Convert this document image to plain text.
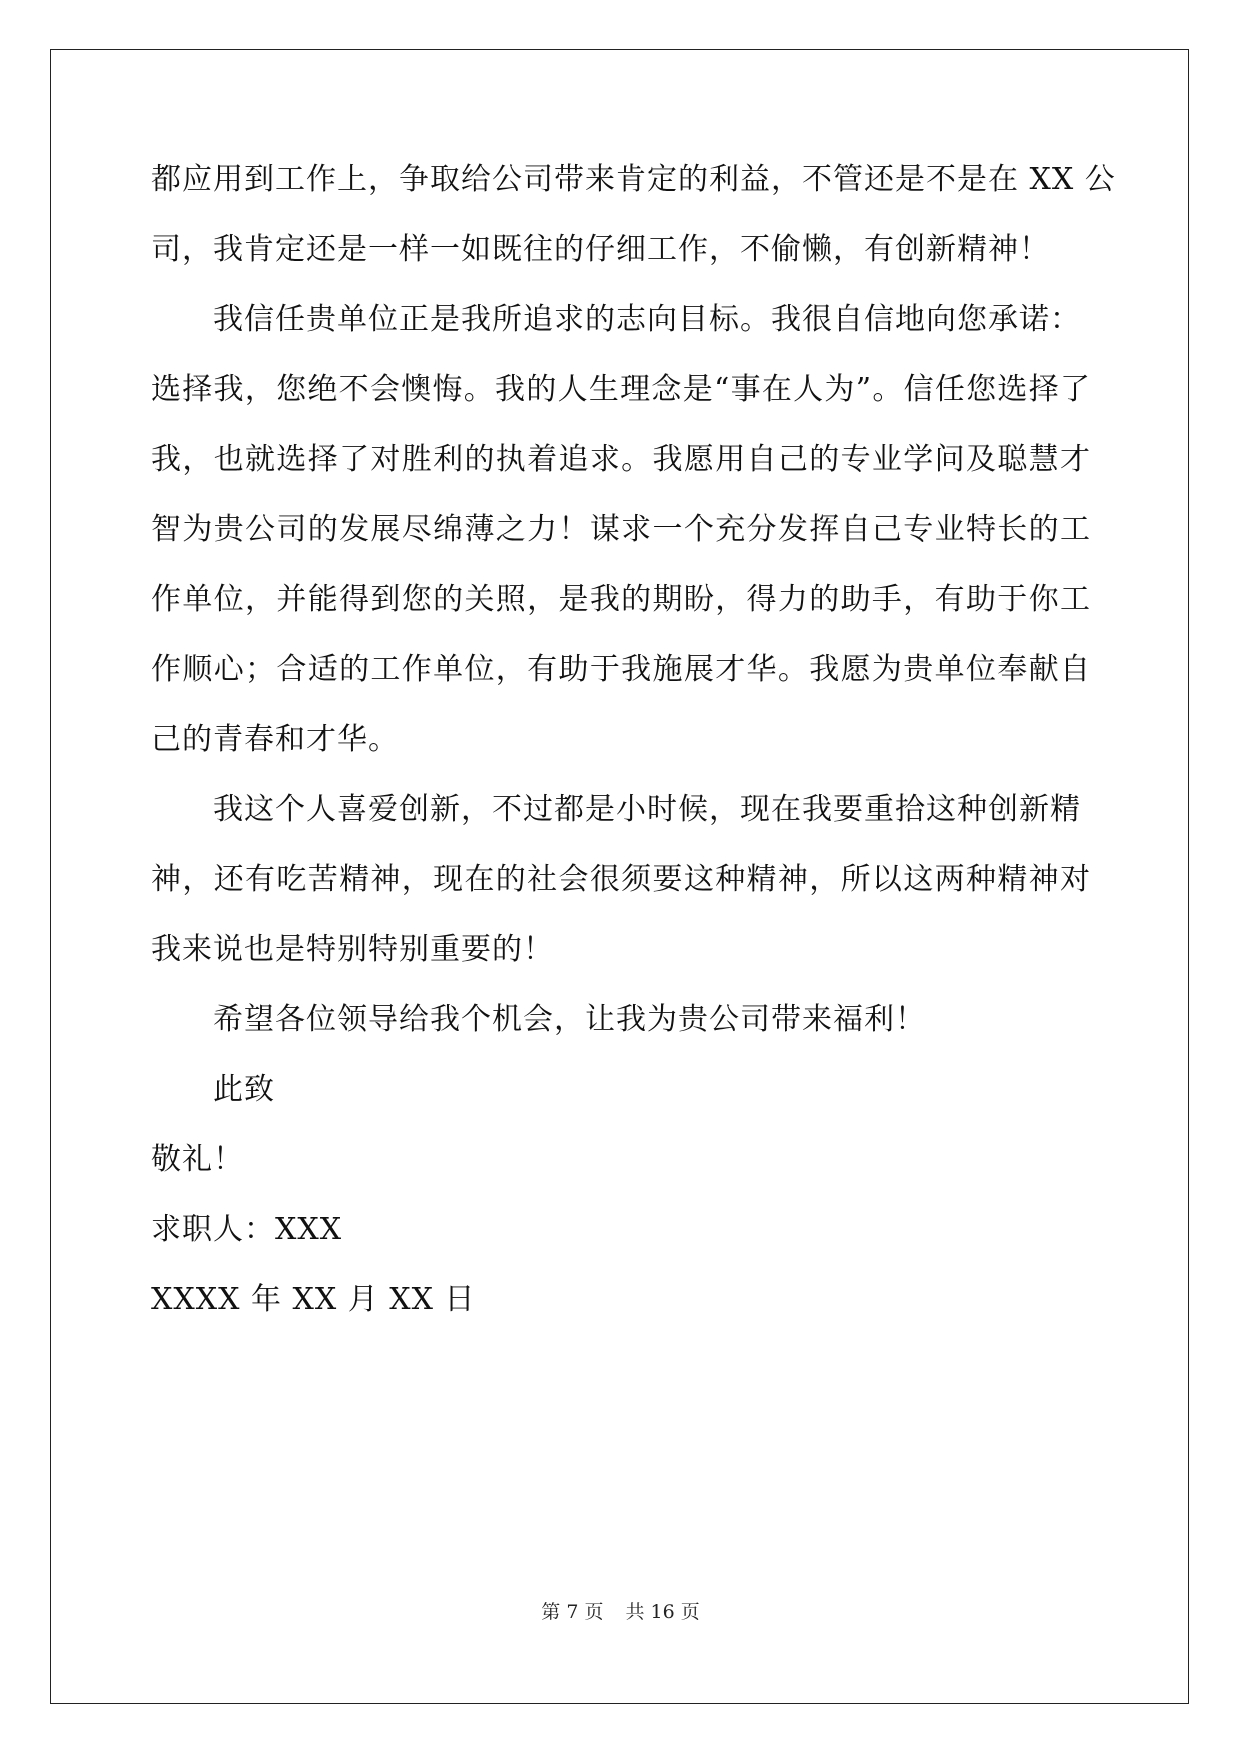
都应用到工作上，争取给公司带来肯定的利益，不管还是不是在 XX 公
司，我肯定还是一样一如既往的仔细工作，不偷懒，有创新精神！
我信任贵单位正是我所追求的志向目标。我很自信地向您承诺：
选择我，您绝不会懊悔。我的人生理念是“事在人为”。信任您选择了
我，也就选择了对胜利的执着追求。我愿用自己的专业学问及聪慧才
智为贵公司的发展尽绵薄之力！谋求一个充分发挥自己专业特长的工
作单位，并能得到您的关照，是我的期盼，得力的助手，有助于你工
作顺心；合适的工作单位，有助于我施展才华。我愿为贵单位奉献自
己的青春和才华。
我这个人喜爱创新，不过都是小时候，现在我要重拾这种创新精
神，还有吃苦精神，现在的社会很须要这种精神，所以这两种精神对
我来说也是特别特别重要的！
希望各位领导给我个机会，让我为贵公司带来福利！
此致
敬礼！
求职人：XXX
XXXX 年 XX 月 XX 日
第 7 页 共 16 页
